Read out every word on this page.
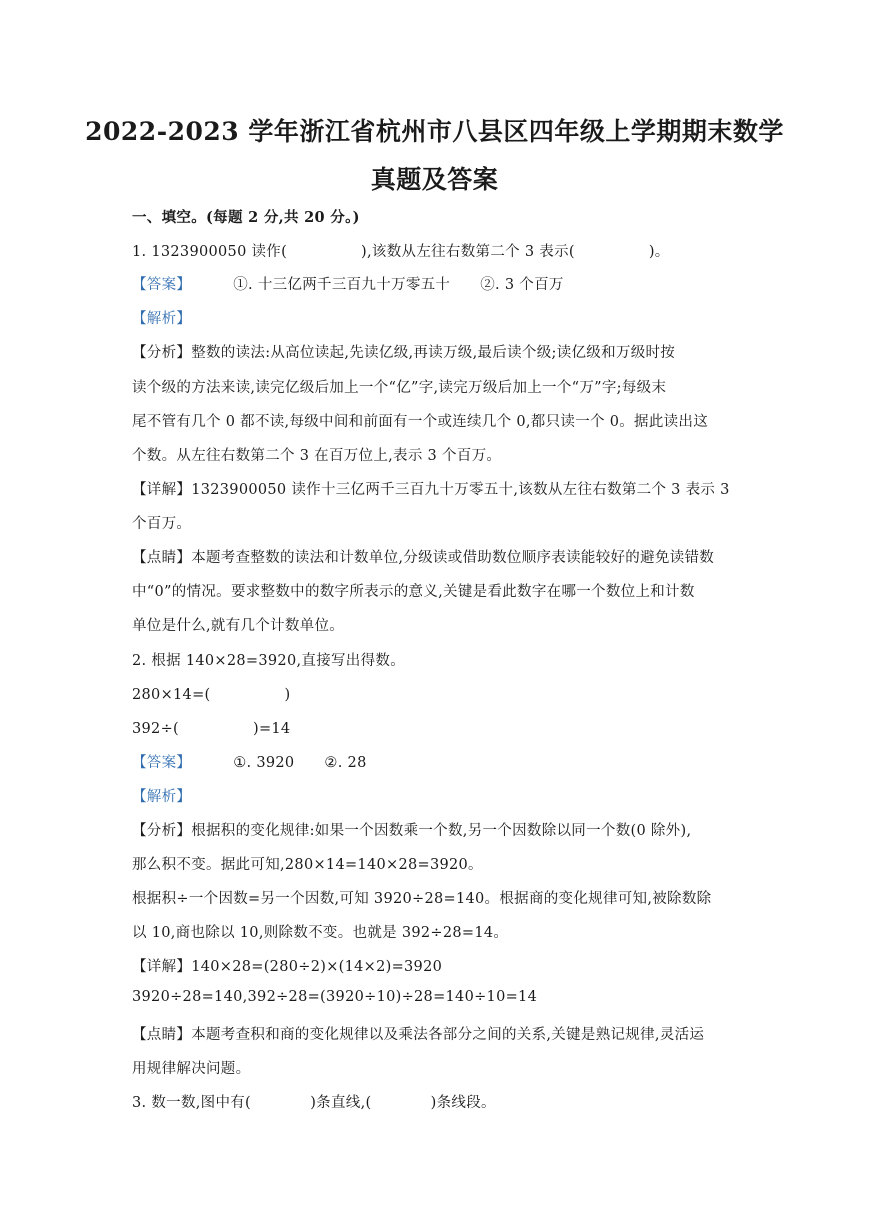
2022-2023 学年浙江省杭州市八县区四年级上学期期末数学
真题及答案
一、填空。(每题 2 分,共 20 分。)
1. 1323900050 读作(　　　　　),该数从左往右数第二个 3 表示(　　　　　)。
【答案】	①. 十三亿两千三百九十万零五十 ②. 3 个百万
【解析】
【分析】整数的读法:从高位读起,先读亿级,再读万级,最后读个级;读亿级和万级时按
读个级的方法来读,读完亿级后加上一个“亿”字,读完万级后加上一个“万”字;每级末
尾不管有几个 0 都不读,每级中间和前面有一个或连续几个 0,都只读一个 0。据此读出这
个数。从左往右数第二个 3 在百万位上,表示 3 个百万。
【详解】1323900050 读作十三亿两千三百九十万零五十,该数从左往右数第二个 3 表示 3
个百万。
【点睛】本题考查整数的读法和计数单位,分级读或借助数位顺序表读能较好的避免读错数
中“0”的情况。要求整数中的数字所表示的意义,关键是看此数字在哪一个数位上和计数
单位是什么,就有几个计数单位。
2. 根据 140×28=3920,直接写出得数。
280×14=(　　　　　)
392÷(　　　　　)=14
【答案】	①. 3920 ②. 28
【解析】
【分析】根据积的变化规律:如果一个因数乘一个数,另一个因数除以同一个数(0 除外),
那么积不变。据此可知,280×14=140×28=3920。
根据积÷一个因数=另一个因数,可知 3920÷28=140。根据商的变化规律可知,被除数除
以 10,商也除以 10,则除数不变。也就是 392÷28=14。
【详解】140×28=(280÷2)×(14×2)=3920
3920÷28=140,392÷28=(3920÷10)÷28=140÷10=14
【点睛】本题考查积和商的变化规律以及乘法各部分之间的关系,关键是熟记规律,灵活运
用规律解决问题。
3. 数一数,图中有(　　　　)条直线,(　　　　)条线段。
